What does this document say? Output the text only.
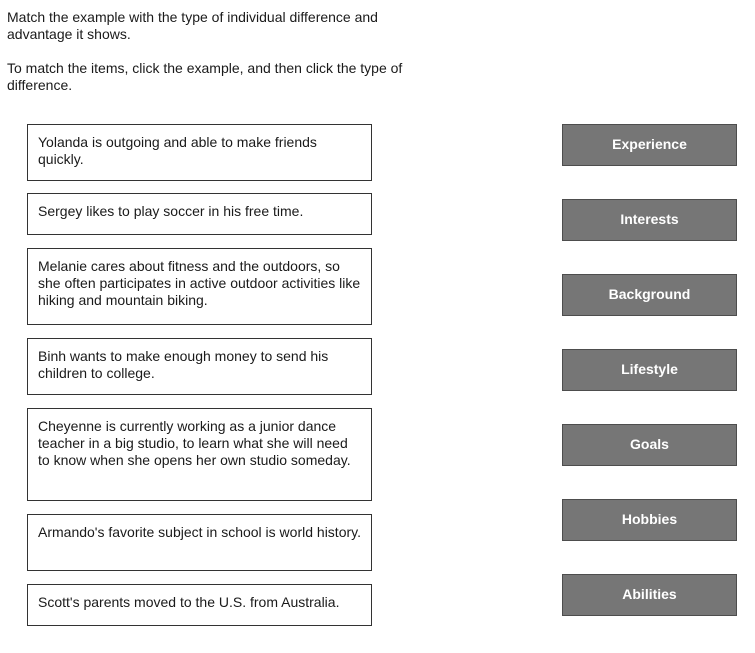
Match the example with the type of individual difference and advantage it shows.

To match the items, click the example, and then click the type of difference.

Yolanda is outgoing and able to make friends quickly.
Sergey likes to play soccer in his free time.
Melanie cares about fitness and the outdoors, so she often participates in active outdoor activities like hiking and mountain biking.
Binh wants to make enough money to send his children to college.
Cheyenne is currently working as a junior dance teacher in a big studio, to learn what she will need to know when she opens her own studio someday.
Armando's favorite subject in school is world history.
Scott's parents moved to the U.S. from Australia.
Experience
Interests
Background
Lifestyle
Goals
Hobbies
Abilities
